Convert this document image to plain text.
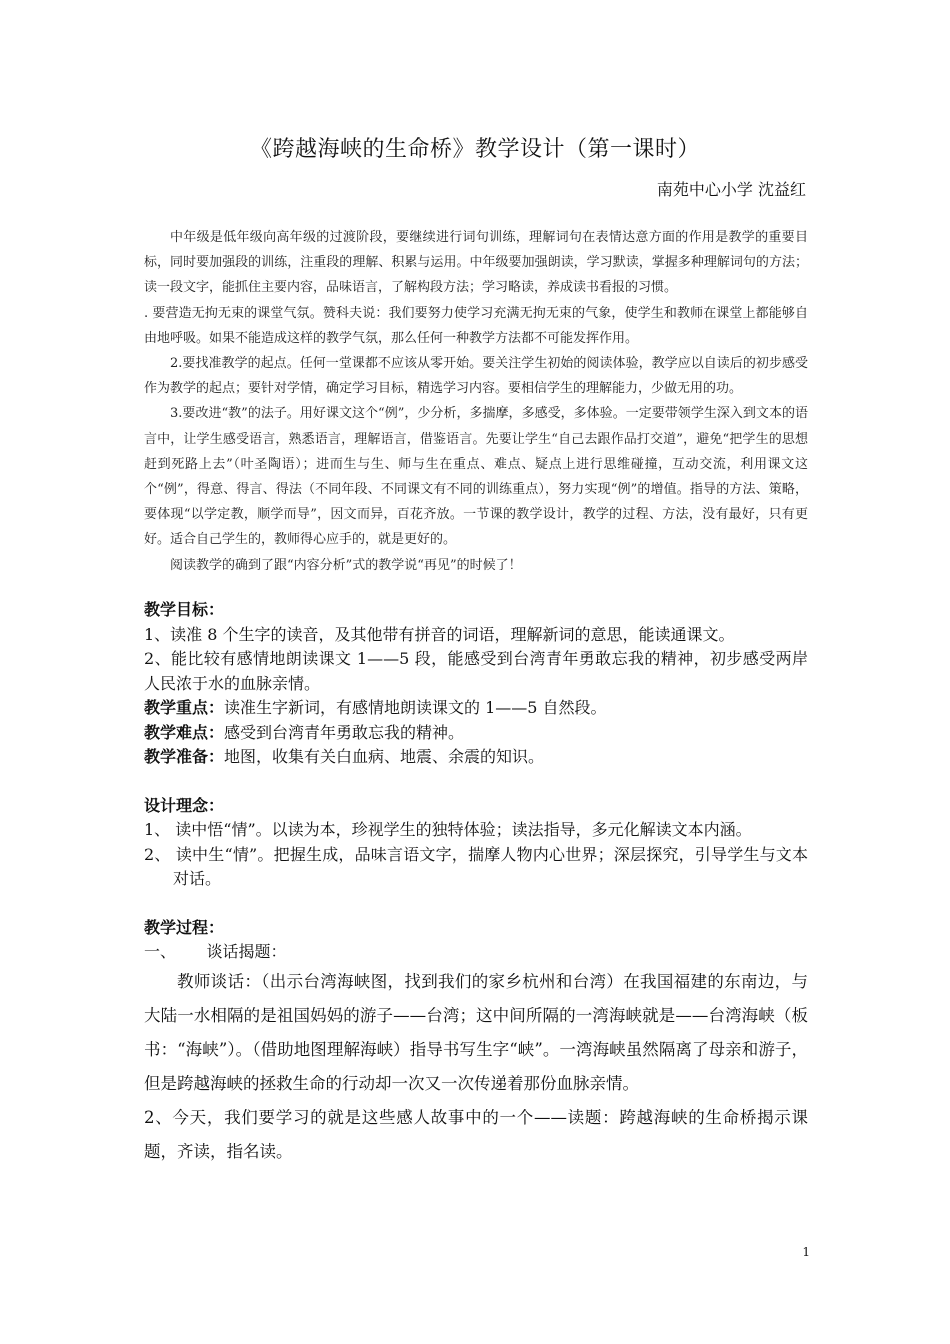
《跨越海峡的生命桥》教学设计（第一课时）
南苑中心小学 沈益红

中年级是低年级向高年级的过渡阶段，要继续进行词句训练，理解词句在表情达意方面的作用是教学的重要目标，同时要加强段的训练，注重段的理解、积累与运用。中年级要加强朗读，学习默读，掌握多种理解词句的方法；读一段文字，能抓住主要内容，品味语言，了解构段方法；学习略读，养成读书看报的习惯。

. 要营造无拘无束的课堂气氛。赞科夫说：我们要努力使学习充满无拘无束的气象，使学生和教师在课堂上都能够自由地呼吸。如果不能造成这样的教学气氛，那么任何一种教学方法都不可能发挥作用。

2.要找准教学的起点。任何一堂课都不应该从零开始。要关注学生初始的阅读体验，教学应以自读后的初步感受作为教学的起点；要针对学情，确定学习目标，精选学习内容。要相信学生的理解能力，少做无用的功。

3.要改进“教”的法子。用好课文这个“例”，少分析，多揣摩，多感受，多体验。一定要带领学生深入到文本的语言中，让学生感受语言，熟悉语言，理解语言，借鉴语言。先要让学生“自己去跟作品打交道”，避免“把学生的思想赶到死路上去”（叶圣陶语）；进而生与生、师与生在重点、难点、疑点上进行思维碰撞，互动交流，利用课文这个“例”，得意、得言、得法（不同年段、不同课文有不同的训练重点），努力实现“例”的增值。指导的方法、策略，要体现“以学定教，顺学而导”，因文而异，百花齐放。一节课的教学设计，教学的过程、方法，没有最好，只有更好。适合自己学生的，教师得心应手的，就是更好的。

阅读教学的确到了跟“内容分析”式的教学说“再见”的时候了！

教学目标：

1、读准 8 个生字的读音，及其他带有拼音的词语，理解新词的意思，能读通课文。

2、能比较有感情地朗读课文 1——5 段，能感受到台湾青年勇敢忘我的精神，初步感受两岸人民浓于水的血脉亲情。

教学重点：读准生字新词，有感情地朗读课文的 1——5 自然段。

教学难点：感受到台湾青年勇敢忘我的精神。

教学准备：地图，收集有关白血病、地震、余震的知识。

设计理念：

1、 读中悟“情”。以读为本，珍视学生的独特体验；读法指导，多元化解读文本内涵。

2、 读中生“情”。把握生成，品味言语文字，揣摩人物内心世界；深层探究，引导学生与文本对话。

教学过程：

一、      谈话揭题：

教师谈话：（出示台湾海峡图，找到我们的家乡杭州和台湾）在我国福建的东南边，与大陆一水相隔的是祖国妈妈的游子——台湾；这中间所隔的一湾海峡就是——台湾海峡（板书：“海峡”）。（借助地图理解海峡）指导书写生字“峡”。一湾海峡虽然隔离了母亲和游子，但是跨越海峡的拯救生命的行动却一次又一次传递着那份血脉亲情。

2、今天，我们要学习的就是这些感人故事中的一个——读题：跨越海峡的生命桥揭示课题，齐读，指名读。

1
